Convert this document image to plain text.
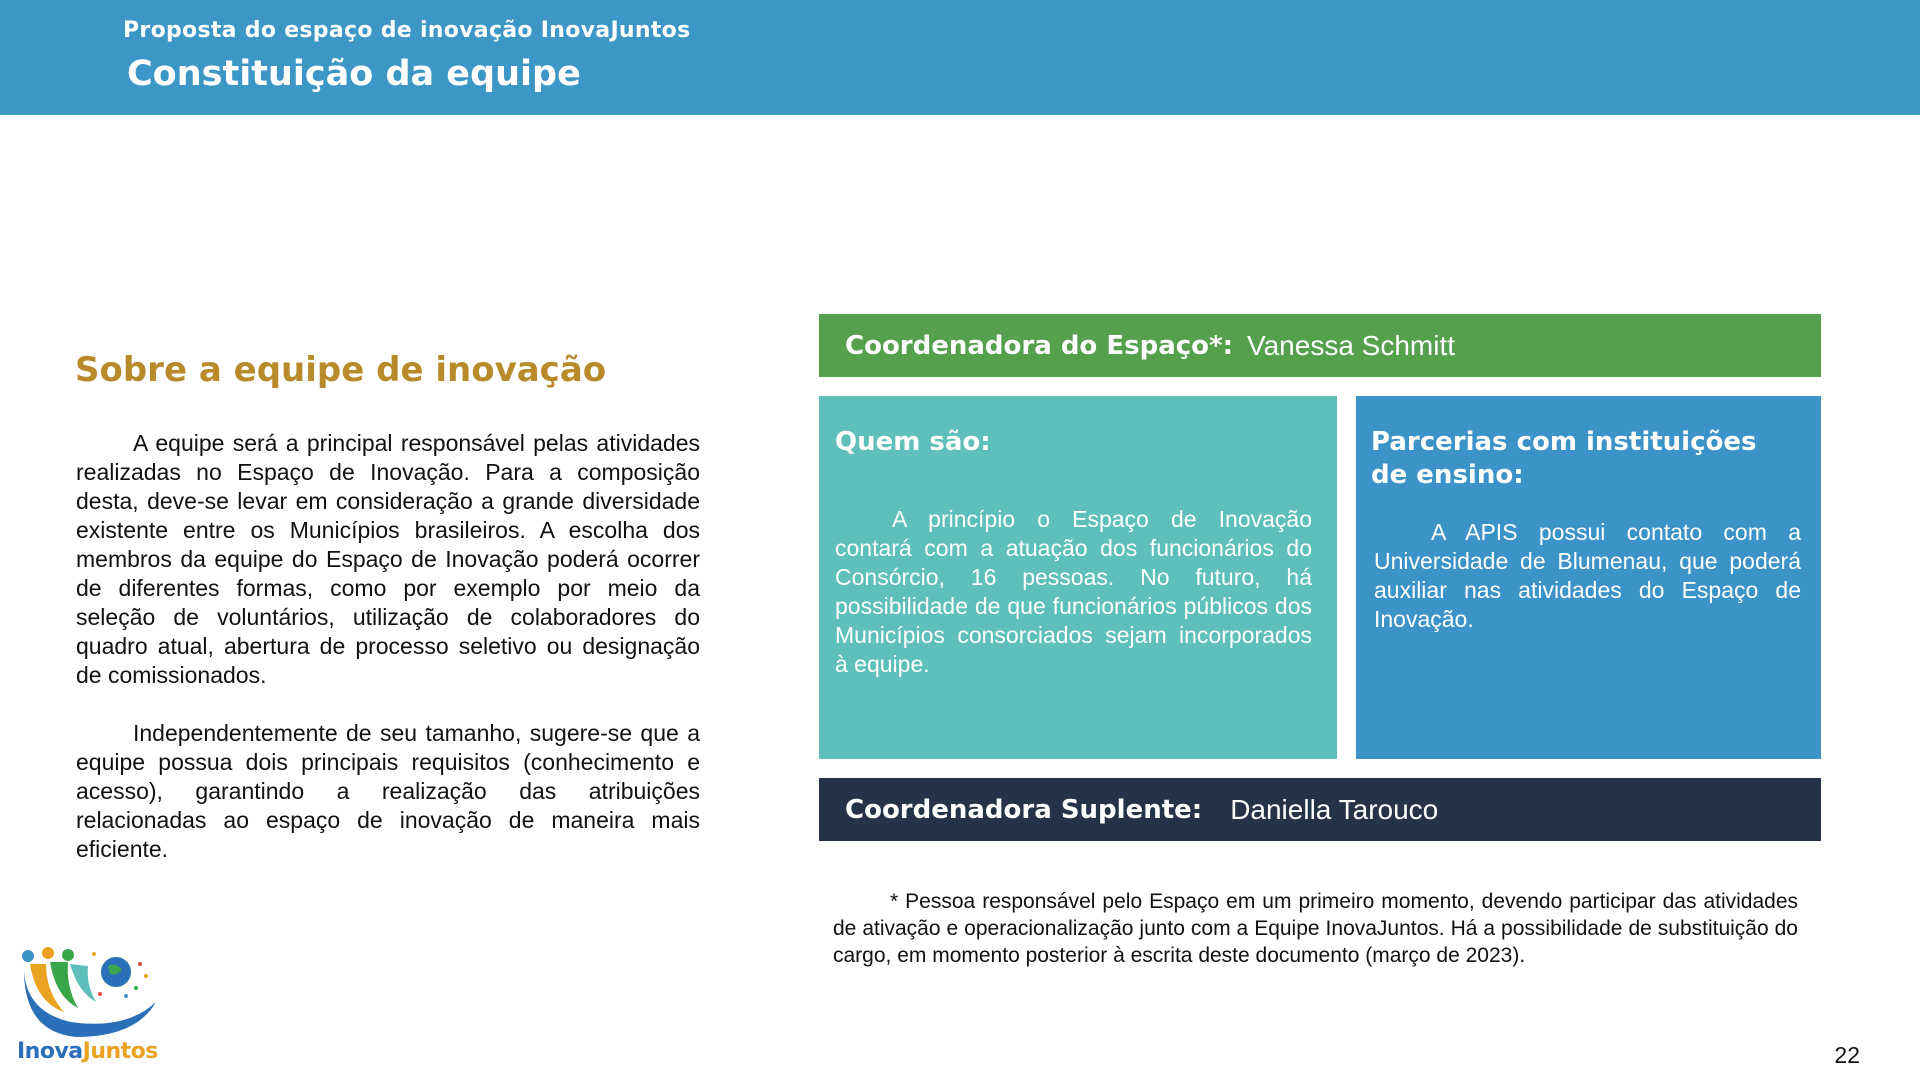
Proposta do espaço de inovação InovaJuntos
Constituição da equipe
Sobre a equipe de inovação

A equipe será a principal responsável pelas atividades realizadas no Espaço de Inovação. Para a composição desta, deve-se levar em consideração a grande diversidade existente entre os Municípios brasileiros. A escolha dos membros da equipe do Espaço de Inovação poderá ocorrer de diferentes formas, como por exemplo por meio da seleção de voluntários, utilização de colaboradores do quadro atual, abertura de processo seletivo ou designação de comissionados.

Independentemente de seu tamanho, sugere-se que a equipe possua dois principais requisitos (conhecimento e acesso), garantindo a realização das atribuições relacionadas ao espaço de inovação de maneira mais eficiente.

Coordenadora do Espaço*: Vanessa Schmitt
Quem são:
A princípio o Espaço de Inovação contará com a atuação dos funcionários do Consórcio, 16 pessoas. No futuro, há possibilidade de que funcionários públicos dos Municípios consorciados sejam incorporados à equipe.
Parcerias com instituições de ensino:
A APIS possui contato com a Universidade de Blumenau, que poderá auxiliar nas atividades do Espaço de Inovação.
Coordenadora Suplente: Daniella Tarouco
* Pessoa responsável pelo Espaço em um primeiro momento, devendo participar das atividades de ativação e operacionalização junto com a Equipe InovaJuntos. Há a possibilidade de substituição do cargo, em momento posterior à escrita deste documento (março de 2023).
InovaJuntos	22
